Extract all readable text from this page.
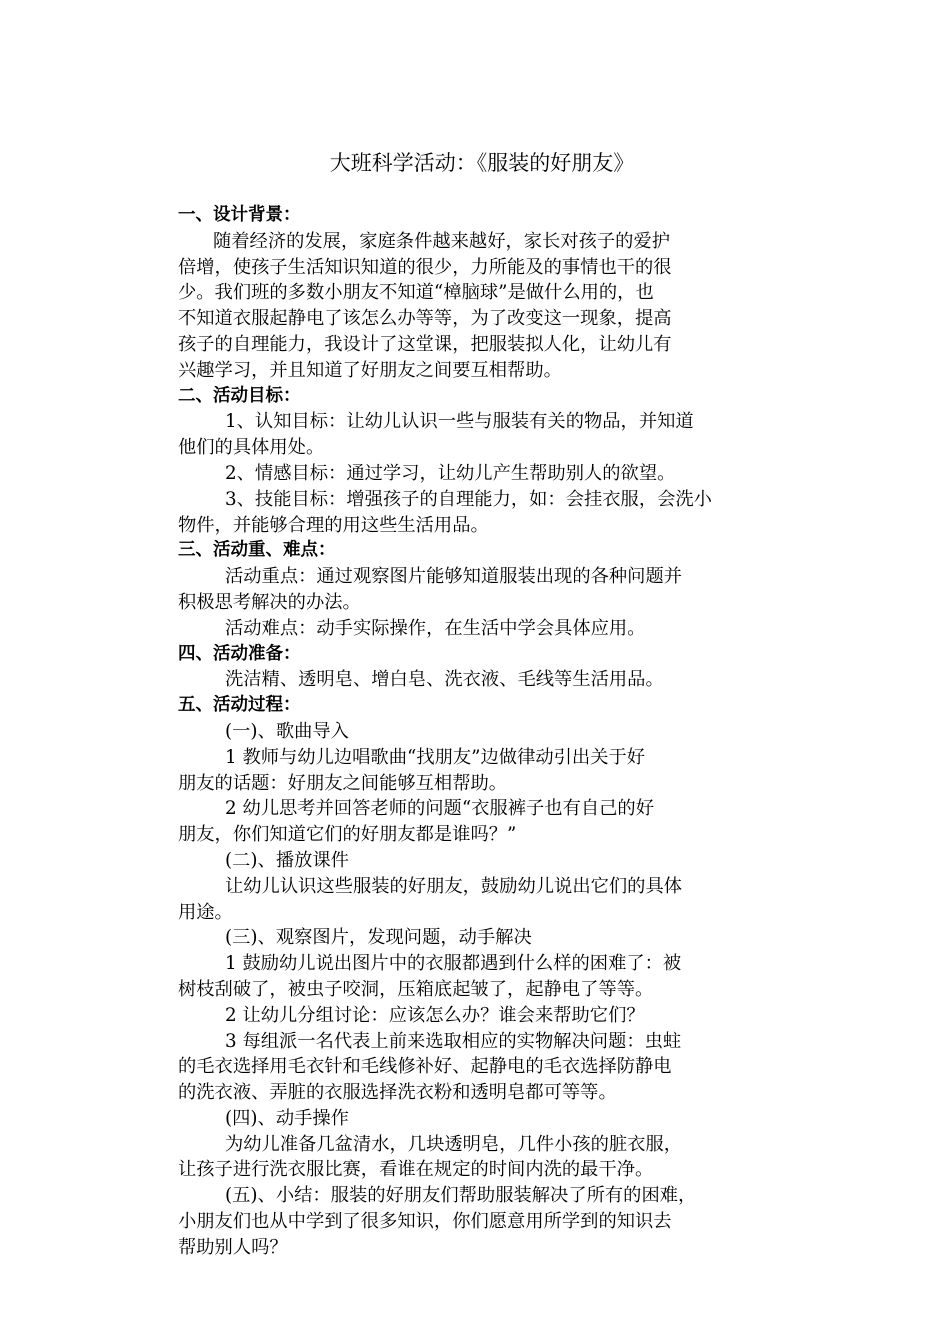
大班科学活动：《服装的好朋友》
一、设计背景：
随着经济的发展，家庭条件越来越好，家长对孩子的爱护
倍增，使孩子生活知识知道的很少，力所能及的事情也干的很
少。我们班的多数小朋友不知道“樟脑球”是做什么用的，也
不知道衣服起静电了该怎么办等等，为了改变这一现象，提高
孩子的自理能力，我设计了这堂课，把服装拟人化，让幼儿有
兴趣学习，并且知道了好朋友之间要互相帮助。
二、活动目标：
1、认知目标：让幼儿认识一些与服装有关的物品，并知道
他们的具体用处。
2、情感目标：通过学习，让幼儿产生帮助别人的欲望。
3、技能目标：增强孩子的自理能力，如：会挂衣服，会洗小
物件，并能够合理的用这些生活用品。
三、活动重、难点：
活动重点：通过观察图片能够知道服装出现的各种问题并
积极思考解决的办法。
活动难点：动手实际操作，在生活中学会具体应用。
四、活动准备：
洗洁精、透明皂、增白皂、洗衣液、毛线等生活用品。
五、活动过程：
(一)、歌曲导入
1 教师与幼儿边唱歌曲“找朋友”边做律动引出关于好
朋友的话题：好朋友之间能够互相帮助。
2 幼儿思考并回答老师的问题“衣服裤子也有自己的好
朋友，你们知道它们的好朋友都是谁吗？”
(二)、播放课件
让幼儿认识这些服装的好朋友，鼓励幼儿说出它们的具体
用途。
(三)、观察图片，发现问题，动手解决
1 鼓励幼儿说出图片中的衣服都遇到什么样的困难了：被
树枝刮破了，被虫子咬洞，压箱底起皱了，起静电了等等。
2 让幼儿分组讨论：应该怎么办？谁会来帮助它们？
3 每组派一名代表上前来选取相应的实物解决问题：虫蛀
的毛衣选择用毛衣针和毛线修补好、起静电的毛衣选择防静电
的洗衣液、弄脏的衣服选择洗衣粉和透明皂都可等等。
(四)、动手操作
为幼儿准备几盆清水，几块透明皂，几件小孩的脏衣服，
让孩子进行洗衣服比赛，看谁在规定的时间内洗的最干净。
(五)、小结：服装的好朋友们帮助服装解决了所有的困难，
小朋友们也从中学到了很多知识，你们愿意用所学到的知识去
帮助别人吗？
